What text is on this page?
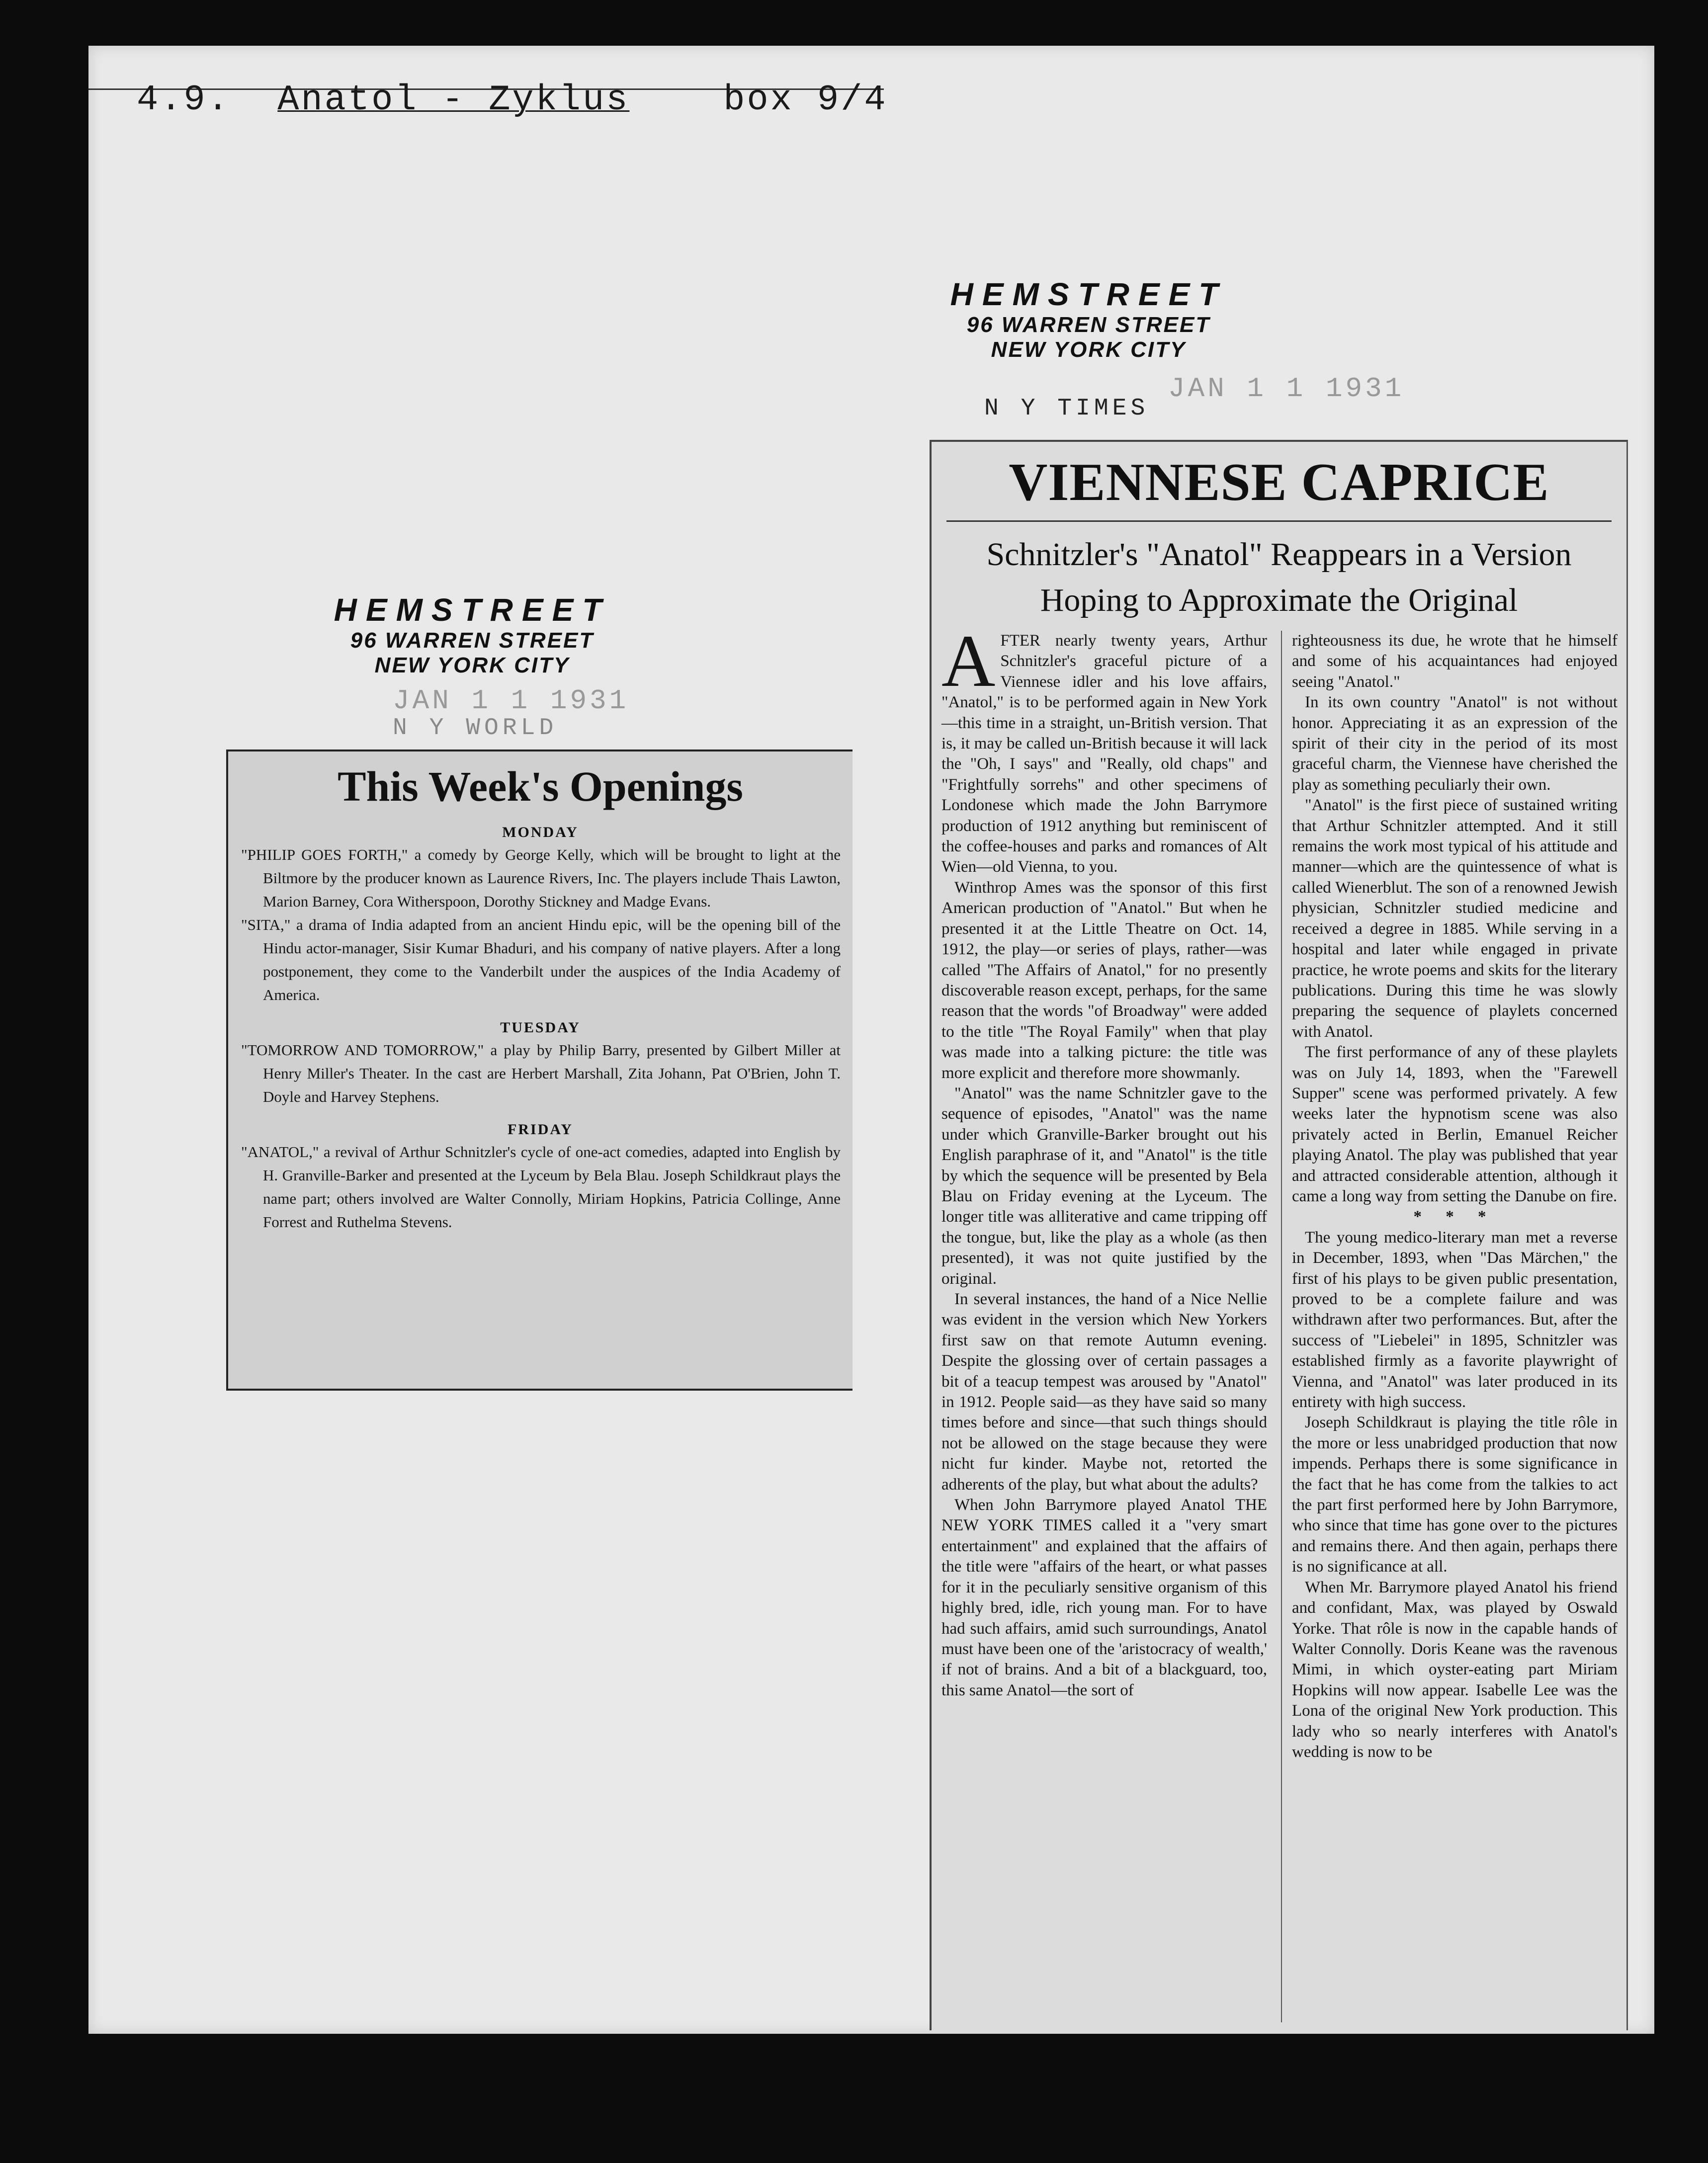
4.9. Anatol - Zyklus	box 9/4
HEMSTREET
96 WARREN STREET
NEW YORK CITY
JAN 1 1 1931
N Y WORLD
This Week's Openings
MONDAY

"PHILIP GOES FORTH," a comedy by George Kelly, which will be brought to light at the Biltmore by the producer known as Laurence Rivers, Inc. The players include Thais Lawton, Marion Barney, Cora Witherspoon, Dorothy Stickney and Madge Evans.

"SITA," a drama of India adapted from an ancient Hindu epic, will be the opening bill of the Hindu actor-manager, Sisir Kumar Bhaduri, and his company of native players. After a long postponement, they come to the Vanderbilt under the auspices of the India Academy of America.

TUESDAY

"TOMORROW AND TOMORROW," a play by Philip Barry, presented by Gilbert Miller at Henry Miller's Theater. In the cast are Herbert Marshall, Zita Johann, Pat O'Brien, John T. Doyle and Harvey Stephens.

FRIDAY

"ANATOL," a revival of Arthur Schnitzler's cycle of one-act comedies, adapted into English by H. Granville-Barker and presented at the Lyceum by Bela Blau. Joseph Schildkraut plays the name part; others involved are Walter Connolly, Miriam Hopkins, Patricia Collinge, Anne Forrest and Ruthelma Stevens.

HEMSTREET
96 WARREN STREET
NEW YORK CITY
JAN 1 1 1931
N Y TIMES
VIENNESE CAPRICE
Schnitzler's "Anatol" Reappears in a Version Hoping to Approximate the Original

AFTER nearly twenty years, Arthur Schnitzler's graceful picture of a Viennese idler and his love affairs, "Anatol," is to be performed again in New York—this time in a straight, un-British version. That is, it may be called un-British because it will lack the "Oh, I says" and "Really, old chaps" and "Frightfully sorrehs" and other specimens of Londonese which made the John Barrymore production of 1912 anything but reminiscent of the coffee-houses and parks and romances of Alt Wien—old Vienna, to you.

Winthrop Ames was the sponsor of this first American production of "Anatol." But when he presented it at the Little Theatre on Oct. 14, 1912, the play—or series of plays, rather—was called "The Affairs of Anatol," for no presently discoverable reason except, perhaps, for the same reason that the words "of Broadway" were added to the title "The Royal Family" when that play was made into a talking picture: the title was more explicit and therefore more showmanly.

"Anatol" was the name Schnitzler gave to the sequence of episodes, "Anatol" was the name under which Granville-Barker brought out his English paraphrase of it, and "Anatol" is the title by which the sequence will be presented by Bela Blau on Friday evening at the Lyceum. The longer title was alliterative and came tripping off the tongue, but, like the play as a whole (as then presented), it was not quite justified by the original.

In several instances, the hand of a Nice Nellie was evident in the version which New Yorkers first saw on that remote Autumn evening. Despite the glossing over of certain passages a bit of a teacup tempest was aroused by "Anatol" in 1912. People said—as they have said so many times before and since—that such things should not be allowed on the stage because they were nicht fur kinder. Maybe not, retorted the adherents of the play, but what about the adults?

When John Barrymore played Anatol THE NEW YORK TIMES called it a "very smart entertainment" and explained that the affairs of the title were "affairs of the heart, or what passes for it in the peculiarly sensitive organism of this highly bred, idle, rich young man. For to have had such affairs, amid such surroundings, Anatol must have been one of the 'aristocracy of wealth,' if not of brains. And a bit of a blackguard, too, this same Anatol—the sort of

righteousness its due, he wrote that he himself and some of his acquaintances had enjoyed seeing "Anatol."

In its own country "Anatol" is not without honor. Appreciating it as an expression of the spirit of their city in the period of its most graceful charm, the Viennese have cherished the play as something peculiarly their own.

"Anatol" is the first piece of sustained writing that Arthur Schnitzler attempted. And it still remains the work most typical of his attitude and manner—which are the quintessence of what is called Wienerblut. The son of a renowned Jewish physician, Schnitzler studied medicine and received a degree in 1885. While serving in a hospital and later while engaged in private practice, he wrote poems and skits for the literary publications. During this time he was slowly preparing the sequence of playlets concerned with Anatol.

The first performance of any of these playlets was on July 14, 1893, when the "Farewell Supper" scene was performed privately. A few weeks later the hypnotism scene was also privately acted in Berlin, Emanuel Reicher playing Anatol. The play was published that year and attracted considerable attention, although it came a long way from setting the Danube on fire.

* * *

The young medico-literary man met a reverse in December, 1893, when "Das Märchen," the first of his plays to be given public presentation, proved to be a complete failure and was withdrawn after two performances. But, after the success of "Liebelei" in 1895, Schnitzler was established firmly as a favorite playwright of Vienna, and "Anatol" was later produced in its entirety with high success.

Joseph Schildkraut is playing the title rôle in the more or less unabridged production that now impends. Perhaps there is some significance in the fact that he has come from the talkies to act the part first performed here by John Barrymore, who since that time has gone over to the pictures and remains there. And then again, perhaps there is no significance at all.

When Mr. Barrymore played Anatol his friend and confidant, Max, was played by Oswald Yorke. That rôle is now in the capable hands of Walter Connolly. Doris Keane was the ravenous Mimi, in which oyster-eating part Miriam Hopkins will now appear. Isabelle Lee was the Lona of the original New York production. This lady who so nearly interferes with Anatol's wedding is now to be
